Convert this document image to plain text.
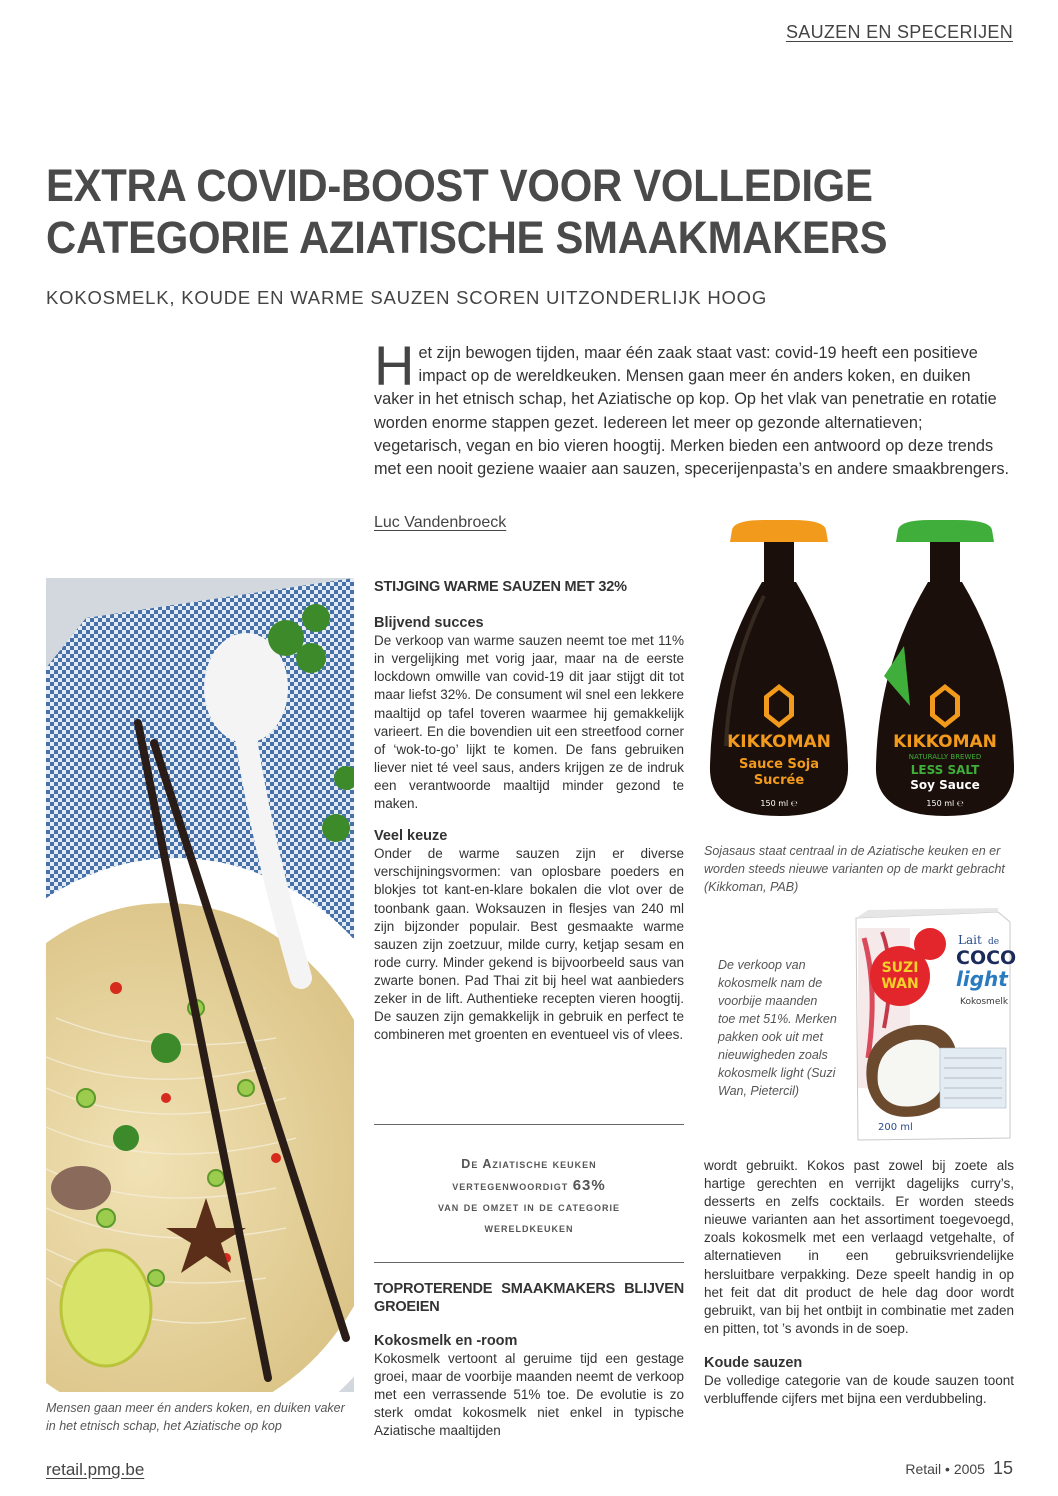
SAUZEN EN SPECERIJEN
EXTRA COVID-BOOST VOOR VOLLEDIGE
CATEGORIE AZIATISCHE SMAAKMAKERS
KOKOSMELK, KOUDE EN WARME SAUZEN SCOREN UITZONDERLIJK HOOG
Het zijn bewogen tijden, maar één zaak staat vast: covid-19 heeft een positieve impact op de wereldkeuken. Mensen gaan meer én anders koken, en duiken vaker in het etnisch schap, het Aziatische op kop. Op het vlak van penetratie en rotatie worden enorme stappen gezet. Iedereen let meer op gezonde alternatieven; vegetarisch, vegan en bio vieren hoogtij. Merken bieden een antwoord op deze trends met een nooit geziene waaier aan sauzen, specerijenpasta’s en andere smaakbrengers.
Luc Vandenbroeck
Mensen gaan meer én anders koken, en duiken vaker in het etnisch schap, het Aziatische op kop
STIJGING WARME SAUZEN MET 32%
Blijvend succes

De verkoop van warme sauzen neemt toe met 11% in vergelijking met vorig jaar, maar na de eerste lockdown omwille van covid-19 dit jaar stijgt dit tot maar liefst 32%. De consument wil snel een lekkere maaltijd op tafel toveren waarmee hij gemakkelijk varieert. En die bovendien uit een streetfood corner of ‘wok-to-go’ lijkt te komen. De fans gebruiken liever niet té veel saus, anders krijgen ze de indruk een verantwoorde maaltijd minder gezond te maken.

Veel keuze

Onder de warme sauzen zijn er diverse verschijningsvormen: van oplosbare poeders en blokjes tot kant-en-klare bokalen die vlot over de toonbank gaan. Woksauzen in flesjes van 240 ml zijn bijzonder populair. Best gesmaakte warme sauzen zijn zoetzuur, milde curry, ketjap sesam en rode curry. Minder gekend is bijvoorbeeld saus van zwarte bonen. Pad Thai zit bij heel wat aanbieders zeker in de lift. Authentieke recepten vieren hoogtij. De sauzen zijn gemakkelijk in gebruik en perfect te combineren met groenten en eventueel vis of vlees.

De Aziatische keuken
vertegenwoordigt 63%
van de omzet in de categorie
wereldkeuken
TOPROTERENDE SMAAKMAKERS BLIJVEN GROEIEN
Kokosmelk en -room

Kokosmelk vertoont al geruime tijd een gestage groei, maar de voorbije maanden neemt de verkoop met een verrassende 51% toe. De evolutie is zo sterk omdat kokosmelk niet enkel in typische Aziatische maaltijden

KIKKOMAN
Sauce Soja
Sucrée
150 ml ℮
KIKKOMAN
NATURALLY BREWED
LESS SALT
Soy Sauce
150 ml ℮
Sojasaus staat centraal in de Aziatische keuken en er worden steeds nieuwe varianten op de markt gebracht (Kikkoman, PAB)
De verkoop van kokosmelk nam de voorbije maanden toe met 51%. Merken pakken ook uit met nieuwigheden zoals kokosmelk light (Suzi Wan, Pietercil)
SUZI
WAN
Lait de
COCO
light
Kokosmelk
200 ml

wordt gebruikt. Kokos past zowel bij zoete als hartige gerechten en verrijkt dagelijks curry’s, desserts en zelfs cocktails. Er worden steeds nieuwe varianten aan het assortiment toegevoegd, zoals kokosmelk met een verlaagd vetgehalte, of alternatieven in een gebruiksvriendelijke hersluitbare verpakking. Deze speelt handig in op het feit dat dit product de hele dag door wordt gebruikt, van bij het ontbijt in combinatie met zaden en pitten, tot ’s avonds in de soep.

Koude sauzen

De volledige categorie van de koude sauzen toont verbluffende cijfers met bijna een verdubbeling.

retail.pmg.be	Retail • 2005 15
